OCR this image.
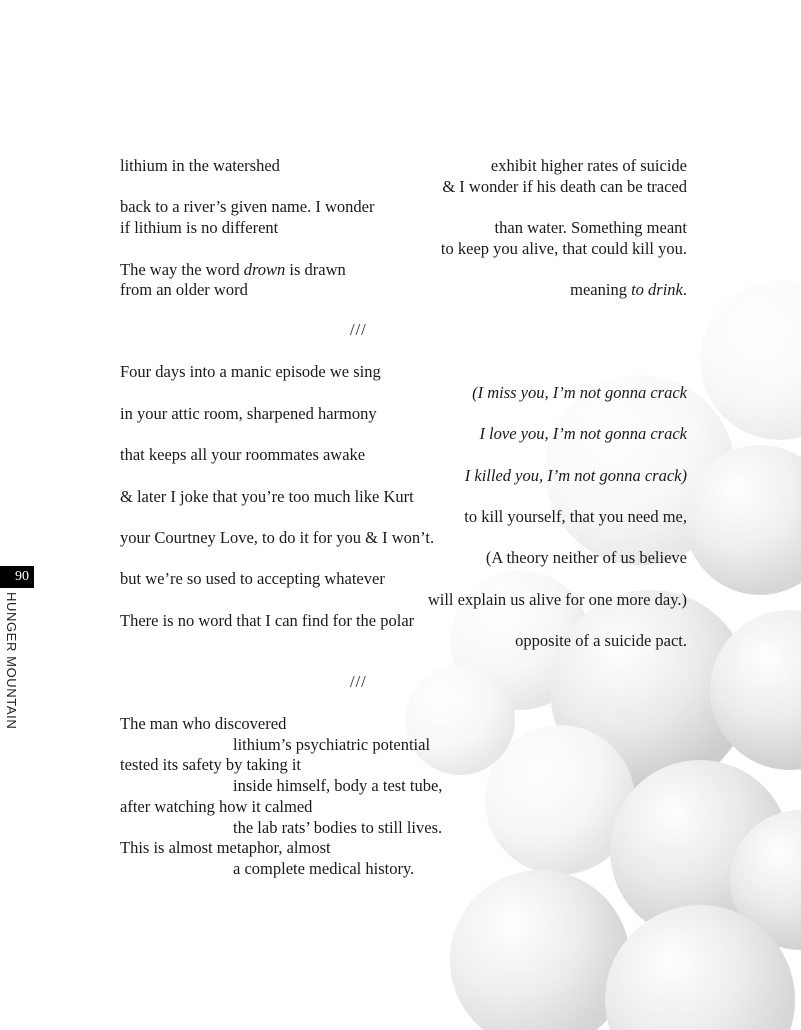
lithium in the watershed	exhibit higher rates of suicide
& I wonder if his death can be traced
back to a river’s given name. I wonder
if lithium is no different	than water. Something meant
to keep you alive, that could kill you.
The way the word drown is drawn
from an older word	meaning to drink.
///
Four days into a manic episode we sing
(I miss you, I’m not gonna crack
in your attic room, sharpened harmony
I love you, I’m not gonna crack
that keeps all your roommates awake
I killed you, I’m not gonna crack)
& later I joke that you’re too much like Kurt
to kill yourself, that you need me,
your Courtney Love, to do it for you & I won’t.
(A theory neither of us believe
but we’re so used to accepting whatever
will explain us alive for one more day.)
There is no word that I can find for the polar
opposite of a suicide pact.
///
The man who discovered
lithium’s psychiatric potential
tested its safety by taking it
inside himself, body a test tube,
after watching how it calmed
the lab rats’ bodies to still lives.
This is almost metaphor, almost
a complete medical history.
90
HUNGER MOUNTAIN
